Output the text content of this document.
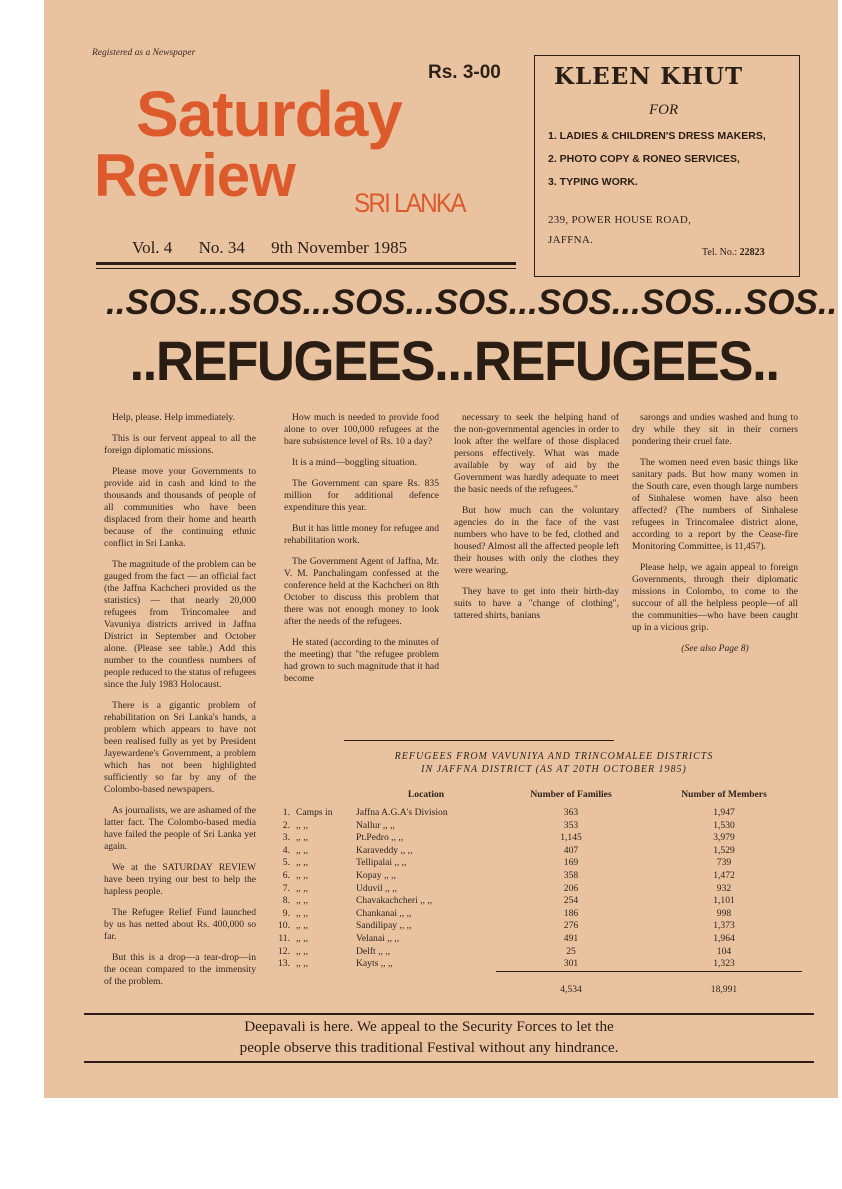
Registered as a Newspaper
Rs. 3-00
Saturday
Review SRI LANKA
Vol. 4 No. 34 9th November 1985
KLEEN KHUT
FOR
1. LADIES & CHILDREN'S DRESS MAKERS,
2. PHOTO COPY & RONEO SERVICES,
3. TYPING WORK.
239, POWER HOUSE ROAD,
JAFFNA.
Tel. No.: 22823
..SOS...SOS...SOS...SOS...SOS...SOS...SOS..
..REFUGEES...REFUGEES..

Help, please. Help immediately.

This is our fervent appeal to all the foreign diplomatic missions.

Please move your Governments to provide aid in cash and kind to the thousands and thousands of people of all communities who have been displaced from their home and hearth because of the continuing ethnic conflict in Sri Lanka.

The magnitude of the problem can be gauged from the fact — an official fact (the Jaffna Kachcheri provided us the statistics) — that nearly 20,000 refugees from Trincomalee and Vavuniya districts arrived in Jaffna District in September and October alone. (Please see table.) Add this number to the countless numbers of people reduced to the status of refugees since the July 1983 Holocaust.

There is a gigantic problem of rehabilitation on Sri Lanka's hands, a problem which appears to have not been realised fully as yet by President Jayewardene's Government, a problem which has not been highlighted sufficiently so far by any of the Colombo-based newspapers.

As journalists, we are ashamed of the latter fact. The Colombo-based media have failed the people of Sri Lanka yet again.

We at the SATURDAY REVIEW have been trying our best to help the hapless people.

The Refugee Relief Fund launched by us has netted about Rs. 400,000 so far.

But this is a drop—a tear-drop—in the ocean compared to the immensity of the problem.

How much is needed to provide food alone to over 100,000 refugees at the bare subsistence level of Rs. 10 a day?

It is a mind—boggling situation.

The Government can spare Rs. 835 million for additional defence expenditure this year.

But it has little money for refugee and rehabilitation work.

The Government Agent of Jaffna, Mr. V. M. Panchalingam confessed at the conference held at the Kachcheri on 8th October to discuss this problem that there was not enough money to look after the needs of the refugees.

He stated (according to the minutes of the meeting) that "the refugee problem had grown to such magnitude that it had become

necessary to seek the helping hand of the non-governmental agencies in order to look after the welfare of those displaced persons effectively. What was made available by way of aid by the Government was hardly adequate to meet the basic needs of the refugees."

But how much can the voluntary agencies do in the face of the vast numbers who have to be fed, clothed and housed? Almost all the affected people left their houses with only the clothes they were wearing.

They have to get into their birth-day suits to have a "change of clothing", tattered shirts, banians

sarongs and undies washed and hung to dry while they sit in their corners pondering their cruel fate.

The women need even basic things like sanitary pads. But how many women in the South care, even though large numbers of Sinhalese women have also been affected? (The numbers of Sinhalese refugees in Trincomalee district alone, according to a report by the Cease-fire Monitoring Committee, is 11,457).

Please help, we again appeal to foreign Governments, through their diplomatic missions in Colombo, to come to the succour of all the helpless people—of all the communities—who have been caught up in a vicious grip.

(See also Page 8)

REFUGEES FROM VAVUNIYA AND TRINCOMALEE DISTRICTS
IN JAFFNA DISTRICT (AS AT 20TH OCTOBER 1985)
		Location	Number of Families	Number of Members
1.	Camps in	Jaffna A.G.A's Division	363	1,947
2.	,, ,,	Nallur ,, ,,	353	1,530
3.	,, ,,	Pt.Pedro ,, ,,	1,145	3,979
4.	,, ,,	Karaveddy ,, ,,	407	1,529
5.	,, ,,	Tellipalai ,, ,,	169	739
6.	,, ,,	Kopay ,, ,,	358	1,472
7.	,, ,,	Uduvil ,, ,,	206	932
8.	,, ,,	Chavakachcheri ,, ,,	254	1,101
9.	,, ,,	Chankanai ,, ,,	186	998
10.	,, ,,	Sandilipay ,, ,,	276	1,373
11.	,, ,,	Velanai ,, ,,	491	1,964
12.	,, ,,	Delft ,, ,,	25	104
13.	,, ,,	Kayts ,, ,,	301	1,323
			4,534	18,991
Deepavali is here. We appeal to the Security Forces to let the
people observe this traditional Festival without any hindrance.
